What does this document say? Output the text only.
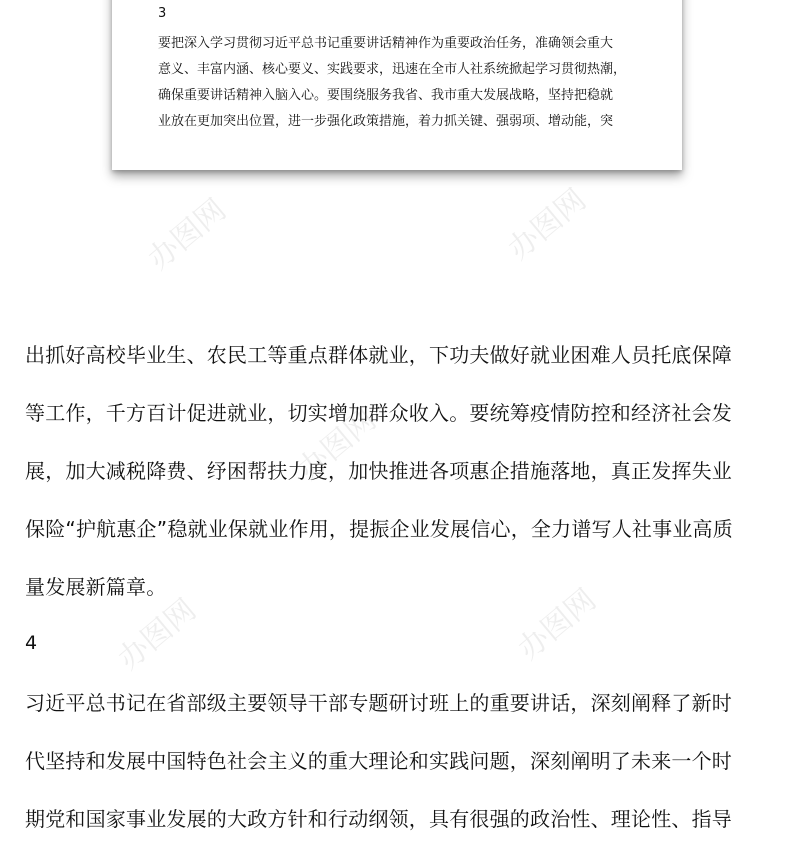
3
要把深入学习贯彻习近平总书记重要讲话精神作为重要政治任务，准确领会重大
意义、丰富内涵、核心要义、实践要求，迅速在全市人社系统掀起学习贯彻热潮，
确保重要讲话精神入脑入心。要围绕服务我省、我市重大发展战略，坚持把稳就
业放在更加突出位置，进一步强化政策措施，着力抓关键、强弱项、增动能，突
出抓好高校毕业生、农民工等重点群体就业，下功夫做好就业困难人员托底保障
等工作，千方百计促进就业，切实增加群众收入。要统筹疫情防控和经济社会发
展，加大减税降费、纾困帮扶力度，加快推进各项惠企措施落地，真正发挥失业
保险“护航惠企”稳就业保就业作用，提振企业发展信心，全力谱写人社事业高质
量发展新篇章。
4
习近平总书记在省部级主要领导干部专题研讨班上的重要讲话，深刻阐释了新时
代坚持和发展中国特色社会主义的重大理论和实践问题，深刻阐明了未来一个时
期党和国家事业发展的大政方针和行动纲领，具有很强的政治性、理论性、指导
办图网	办图网
办图网
办图网	办图网
